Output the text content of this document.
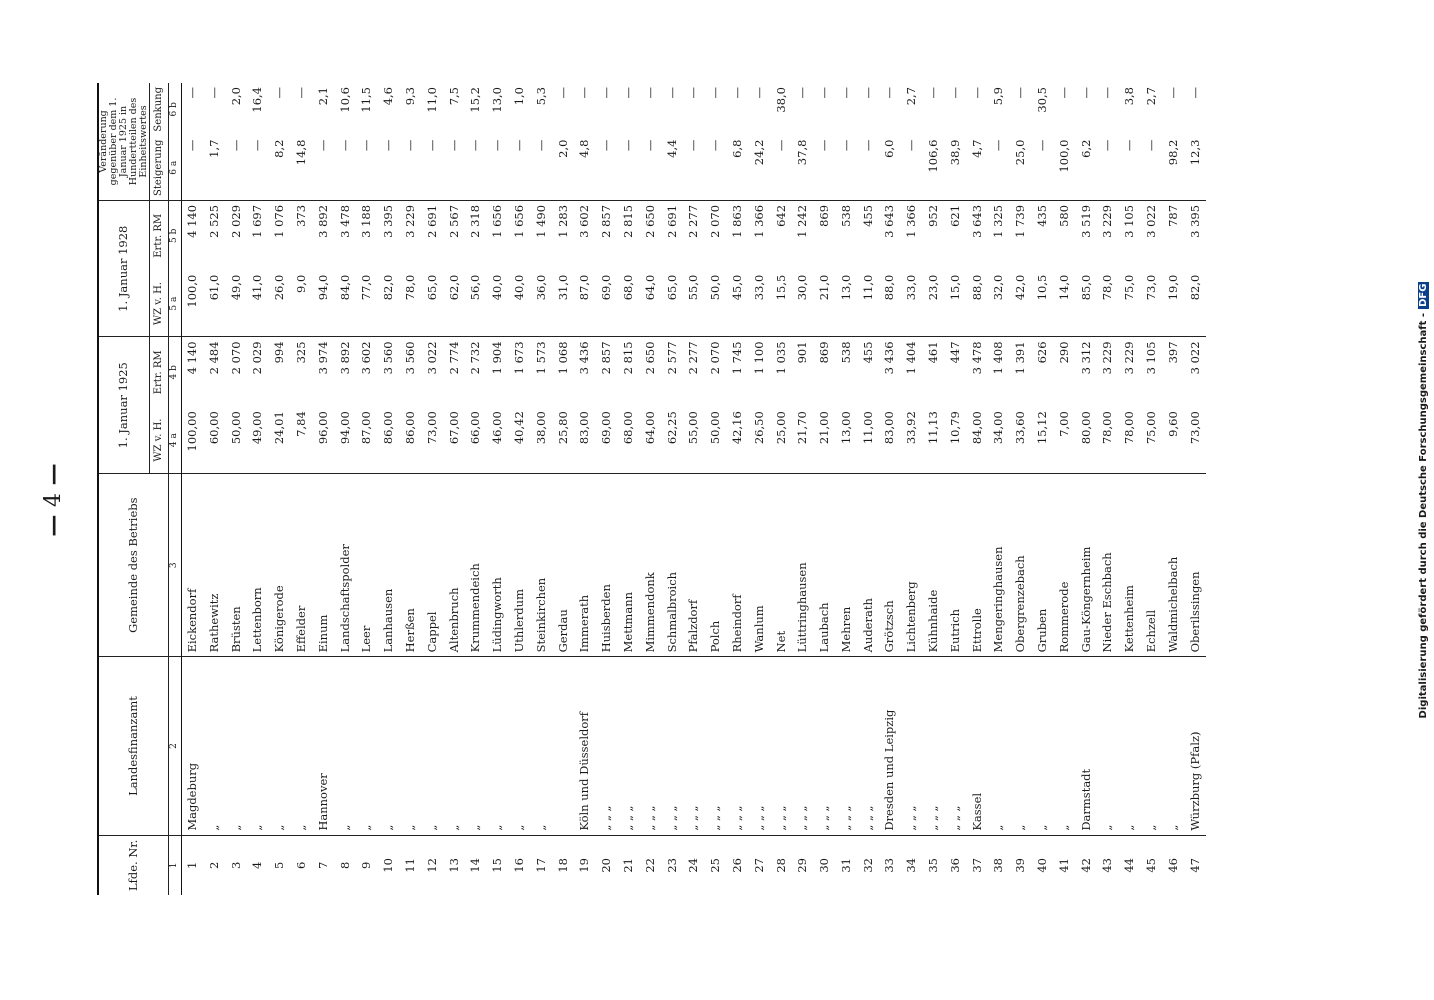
— 4 —
Lfde. Nr.	Landesfinanzamt	Gemeinde des Betriebs	1. Januar 1925		1. Januar 1928		Veränderung gegenüber dem 1. Januar 1925 in Hundertteilen des Einheitswertes	
			WZ v. H.	Ertr. RM	WZ v. H.	Ertr. RM	Steigerung	Senkung
1	2	3	4 a	4 b	5 a	5 b	6 a	6 b
1	Magdeburg	Eickendorf	100,00	4 140	100,0	4 140	—	—
2	„	Rathewitz	60,00	2 484	61,0	2 525	1,7	—
3	„	Brüsten	50,00	2 070	49,0	2 029	—	2,0
4	„	Lettenborn	49,00	2 029	41,0	1 697	—	16,4
5	„	Königerode	24,01	994	26,0	1 076	8,2	—
6	„	Effelder	7,84	325	9,0	373	14,8	—
7	Hannover	Einum	96,00	3 974	94,0	3 892	—	2,1
8	„	Landschaftspolder	94,00	3 892	84,0	3 478	—	10,6
9	„	Leer	87,00	3 602	77,0	3 188	—	11,5
10	„	Lanhausen	86,00	3 560	82,0	3 395	—	4,6
11	„	Herßen	86,00	3 560	78,0	3 229	—	9,3
12	„	Cappel	73,00	3 022	65,0	2 691	—	11,0
13	„	Altenbruch	67,00	2 774	62,0	2 567	—	7,5
14	„	Krummendeich	66,00	2 732	56,0	2 318	—	15,2
15	„	Lüdingworth	46,00	1 904	40,0	1 656	—	13,0
16	„	Uthlerdum	40,42	1 673	40,0	1 656	—	1,0
17	„	Steinkirchen	38,00	1 573	36,0	1 490	—	5,3
18		Gerdau	25,80	1 068	31,0	1 283	2,0	—
19	Köln und Düsseldorf	Immerath	83,00	3 436	87,0	3 602	4,8	—
20	„ „ „	Huisberden	69,00	2 857	69,0	2 857	—	—
21	„ „ „	Mettmann	68,00	2 815	68,0	2 815	—	—
22	„ „ „	Mimmendonk	64,00	2 650	64,0	2 650	—	—
23	„ „ „	Schmalbroich	62,25	2 577	65,0	2 691	4,4	—
24	„ „ „	Pfalzdorf	55,00	2 277	55,0	2 277	—	—
25	„ „ „	Polch	50,00	2 070	50,0	2 070	—	—
26	„ „ „	Rheindorf	42,16	1 745	45,0	1 863	6,8	—
27	„ „ „	Wanlum	26,50	1 100	33,0	1 366	24,2	—
28	„ „ „	Net	25,00	1 035	15,5	642	—	38,0
29	„ „ „	Lüttringhausen	21,70	901	30,0	1 242	37,8	—
30	„ „ „	Laubach	21,00	869	21,0	869	—	—
31	„ „ „	Mehren	13,00	538	13,0	538	—	—
32	„ „ „	Auderath	11,00	455	11,0	455	—	—
33	Dresden und Leipzig	Grötzsch	83,00	3 436	88,0	3 643	6,0	—
34	„ „ „	Lichtenberg	33,92	1 404	33,0	1 366	—	2,7
35	„ „ „	Kühnhaide	11,13	461	23,0	952	106,6	—
36	„ „ „	Eutrich	10,79	447	15,0	621	38,9	—
37	Kassel	Ettrolle	84,00	3 478	88,0	3 643	4,7	—
38	„	Mengeringhausen	34,00	1 408	32,0	1 325	—	5,9
39	„	Obergrenzebach	33,60	1 391	42,0	1 739	25,0	—
40	„	Gruben	15,12	626	10,5	435	—	30,5
41	„	Rommerode	7,00	290	14,0	580	100,0	—
42	Darmstadt	Gau-Köngernheim	80,00	3 312	85,0	3 519	6,2	—
43	„	Nieder Eschbach	78,00	3 229	78,0	3 229	—	—
44	„	Kettenheim	78,00	3 229	75,0	3 105	—	3,8
45	„	Echzell	75,00	3 105	73,0	3 022	—	2,7
46	„	Waldmichelbach	9,60	397	19,0	787	98,2	—
47	Würzburg (Pfalz)	Oberilssingen	73,00	3 022	82,0	3 395	12,3	—
Digitalisierung gefördert durch die Deutsche Forschungsgemeinschaft -DFG
